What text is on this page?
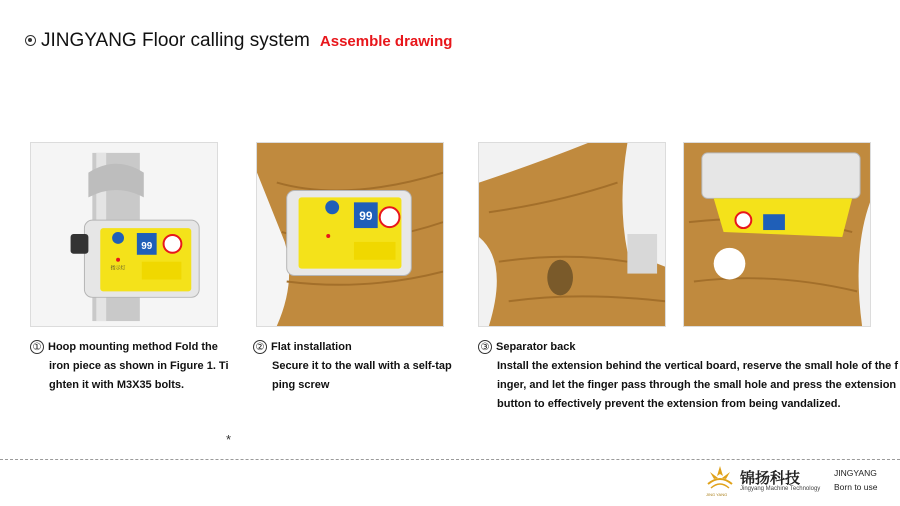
JINGYANG Floor calling system Assemble drawing
99
指示灯
99
① Hoop mounting method Fold the
iron piece as shown in Figure 1. Ti
ghten it with M3X35 bolts.
② Flat installation
Secure it to the wall with a self-tap
ping screw
③ Separator back
Install the extension behind the vertical board, reserve the small hole of the f
inger, and let the finger pass through the small hole and press the extension
button to effectively prevent the extension from being vandalized.
*
JING YANG
锦扬科技
Jingyang Machine Technology
JINGYANG
Born to use
